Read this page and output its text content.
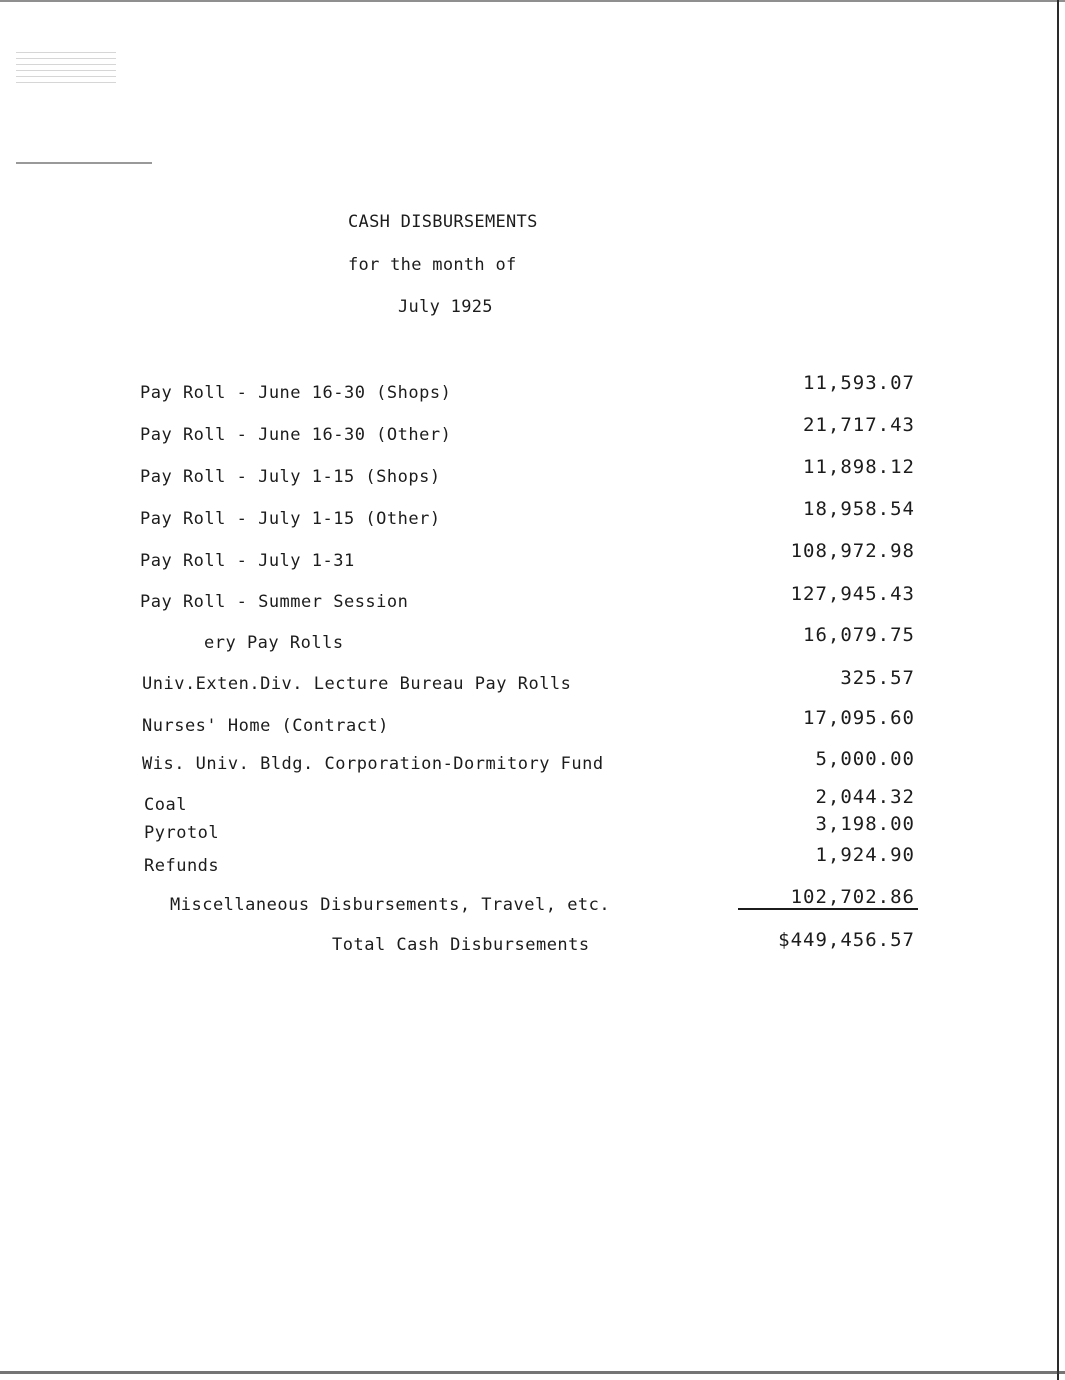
CASH DISBURSEMENTS
for the month of
July 1925
Pay Roll - June 16-30 (Shops)	11,593.07
Pay Roll - June 16-30 (Other)	21,717.43
Pay Roll - July 1-15 (Shops)	11,898.12
Pay Roll - July 1-15 (Other)	18,958.54
Pay Roll - July 1-31	108,972.98
Pay Roll - Summer Session	127,945.43
ery Pay Rolls	16,079.75
Univ.Exten.Div. Lecture Bureau Pay Rolls	325.57
Nurses' Home (Contract)	17,095.60
Wis. Univ. Bldg. Corporation-Dormitory Fund	5,000.00
Coal	2,044.32
Pyrotol	3,198.00
Refunds	1,924.90
Miscellaneous Disbursements, Travel, etc.	102,702.86
Total Cash Disbursements	$449,456.57
